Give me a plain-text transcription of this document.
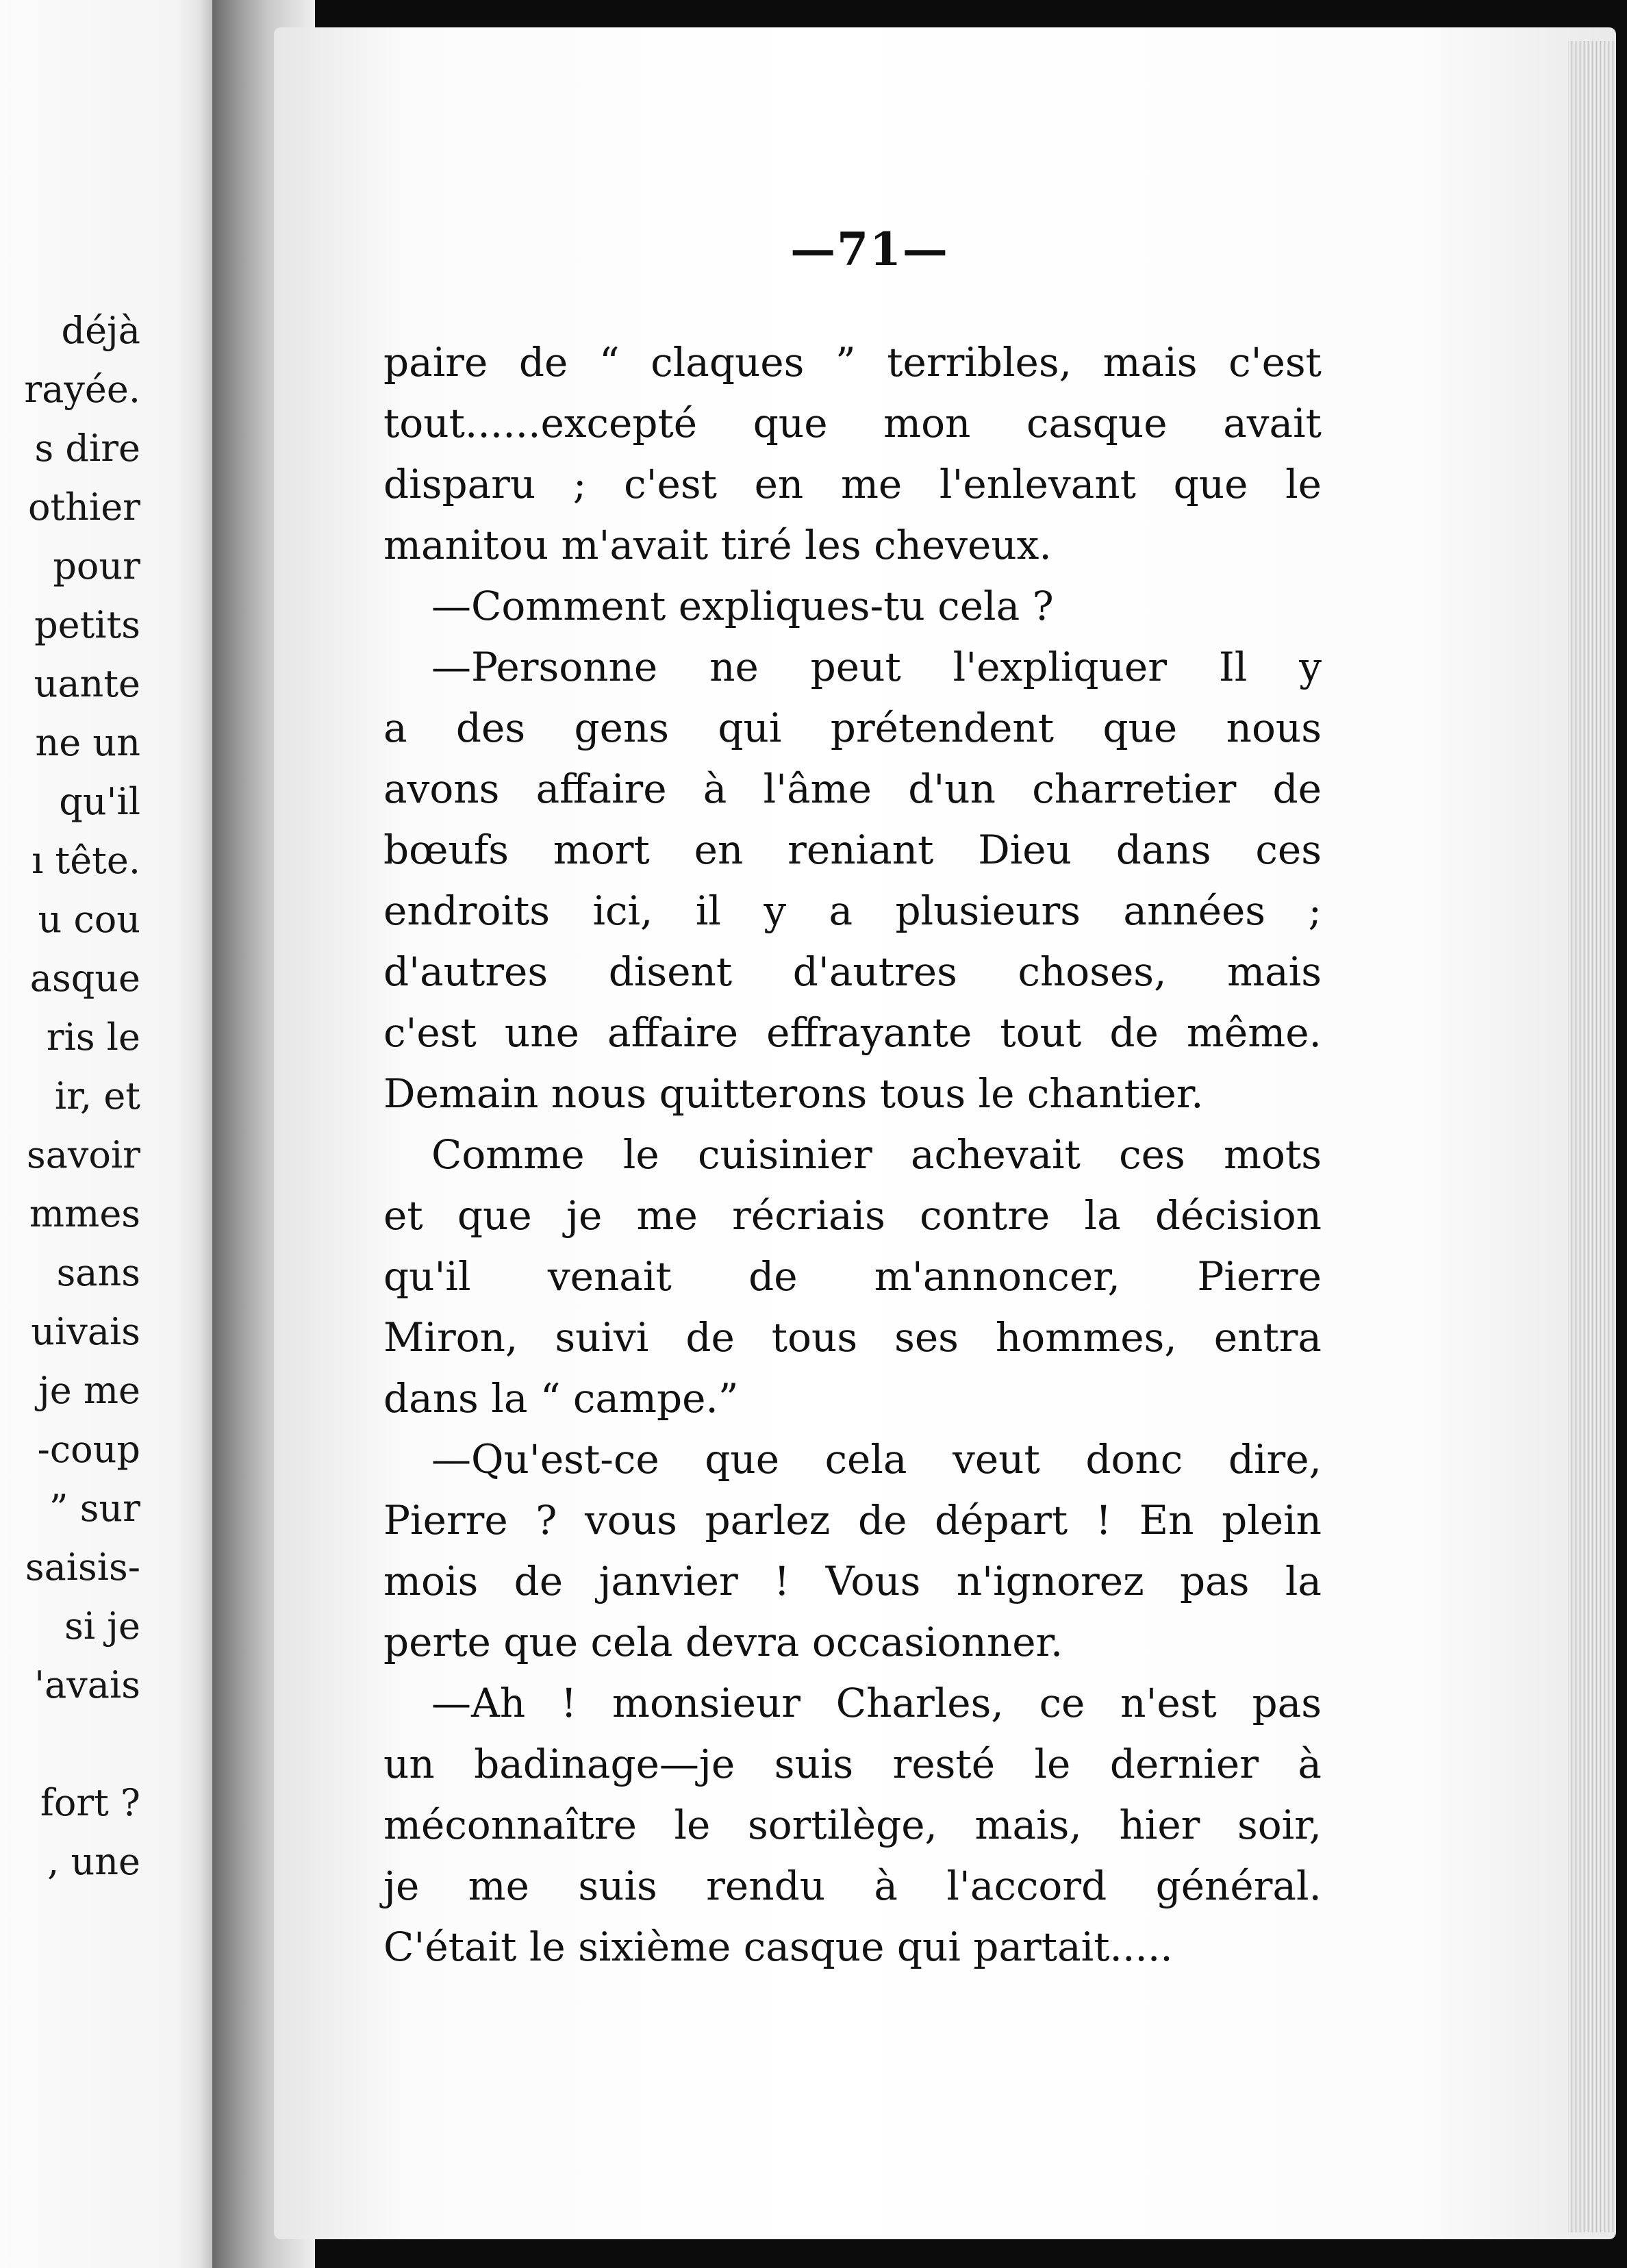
déjà
rayée.
s dire
othier
pour
petits
uante
ne un
qu'il
ı tête.
u cou
asque
ris le
ir, et
savoir
mmes
sans
uivais
je me
-coup
” sur
saisis-
si je
'avais
fort ?
, une
—71—
paire de “ claques ” terribles, mais c'est
tout......excepté que mon casque avait
disparu ; c'est en me l'enlevant que le
manitou m'avait tiré les cheveux.
—Comment expliques-tu cela ?
—Personne ne peut l'expliquer Il y
a des gens qui prétendent que nous
avons affaire à l'âme d'un charretier de
bœufs mort en reniant Dieu dans ces
endroits ici, il y a plusieurs années ;
d'autres disent d'autres choses, mais
c'est une affaire effrayante tout de même.
Demain nous quitterons tous le chantier.
Comme le cuisinier achevait ces mots
et que je me récriais contre la décision
qu'il venait de m'annoncer, Pierre
Miron, suivi de tous ses hommes, entra
dans la “ campe.”
—Qu'est-ce que cela veut donc dire,
Pierre ? vous parlez de départ ! En plein
mois de janvier ! Vous n'ignorez pas la
perte que cela devra occasionner.
—Ah ! monsieur Charles, ce n'est pas
un badinage—je suis resté le dernier à
méconnaître le sortilège, mais, hier soir,
je me suis rendu à l'accord général.
C'était le sixième casque qui partait.....
